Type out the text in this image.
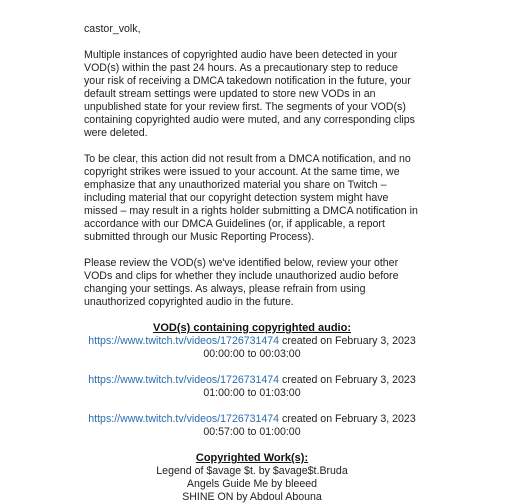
castor_volk,
Multiple instances of copyrighted audio have been detected in your VOD(s) within the past 24 hours. As a precautionary step to reduce your risk of receiving a DMCA takedown notification in the future, your default stream settings were updated to store new VODs in an unpublished state for your review first. The segments of your VOD(s) containing copyrighted audio were muted, and any corresponding clips were deleted.
To be clear, this action did not result from a DMCA notification, and no copyright strikes were issued to your account. At the same time, we emphasize that any unauthorized material you share on Twitch – including material that our copyright detection system might have missed – may result in a rights holder submitting a DMCA notification in accordance with our DMCA Guidelines (or, if applicable, a report submitted through our Music Reporting Process).
Please review the VOD(s) we've identified below, review your other VODs and clips for whether they include unauthorized audio before changing your settings. As always, please refrain from using unauthorized copyrighted audio in the future.
VOD(s) containing copyrighted audio:
https://www.twitch.tv/videos/1726731474 created on February 3, 2023
00:00:00 to 00:03:00
https://www.twitch.tv/videos/1726731474 created on February 3, 2023
01:00:00 to 01:03:00
https://www.twitch.tv/videos/1726731474 created on February 3, 2023
00:57:00 to 01:00:00
Copyrighted Work(s):
Legend of $avage $t. by $avage$t.Bruda
Angels Guide Me by bleeed
SHINE ON by Abdoul Abouna
